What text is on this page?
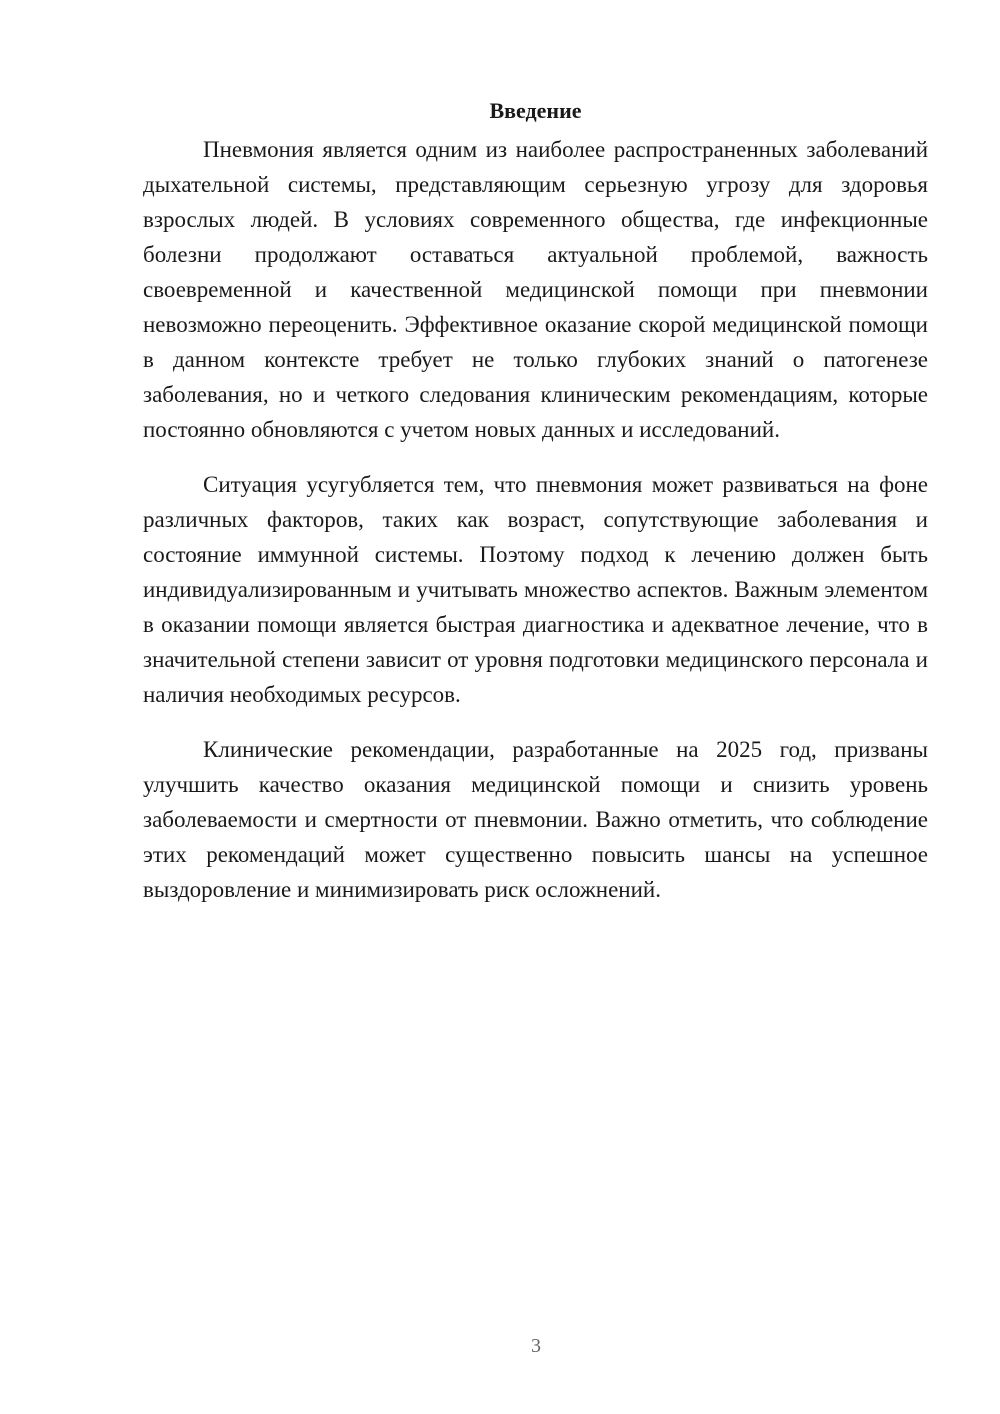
Введение

Пневмония является одним из наиболее распространенных заболеваний дыхательной системы, представляющим серьезную угрозу для здоровья взрослых людей. В условиях современного общества, где инфекционные болезни продолжают оставаться актуальной проблемой, важность своевременной и качественной медицинской помощи при пневмонии невозможно переоценить. Эффективное оказание скорой медицинской помощи в данном контексте требует не только глубоких знаний о патогенезе заболевания, но и четкого следования клиническим рекомендациям, которые постоянно обновляются с учетом новых данных и исследований.

Ситуация усугубляется тем, что пневмония может развиваться на фоне различных факторов, таких как возраст, сопутствующие заболевания и состояние иммунной системы. Поэтому подход к лечению должен быть индивидуализированным и учитывать множество аспектов. Важным элементом в оказании помощи является быстрая диагностика и адекватное лечение, что в значительной степени зависит от уровня подготовки медицинского персонала и наличия необходимых ресурсов.

Клинические рекомендации, разработанные на 2025 год, призваны улучшить качество оказания медицинской помощи и снизить уровень заболеваемости и смертности от пневмонии. Важно отметить, что соблюдение этих рекомендаций может существенно повысить шансы на успешное выздоровление и минимизировать риск осложнений.

3
